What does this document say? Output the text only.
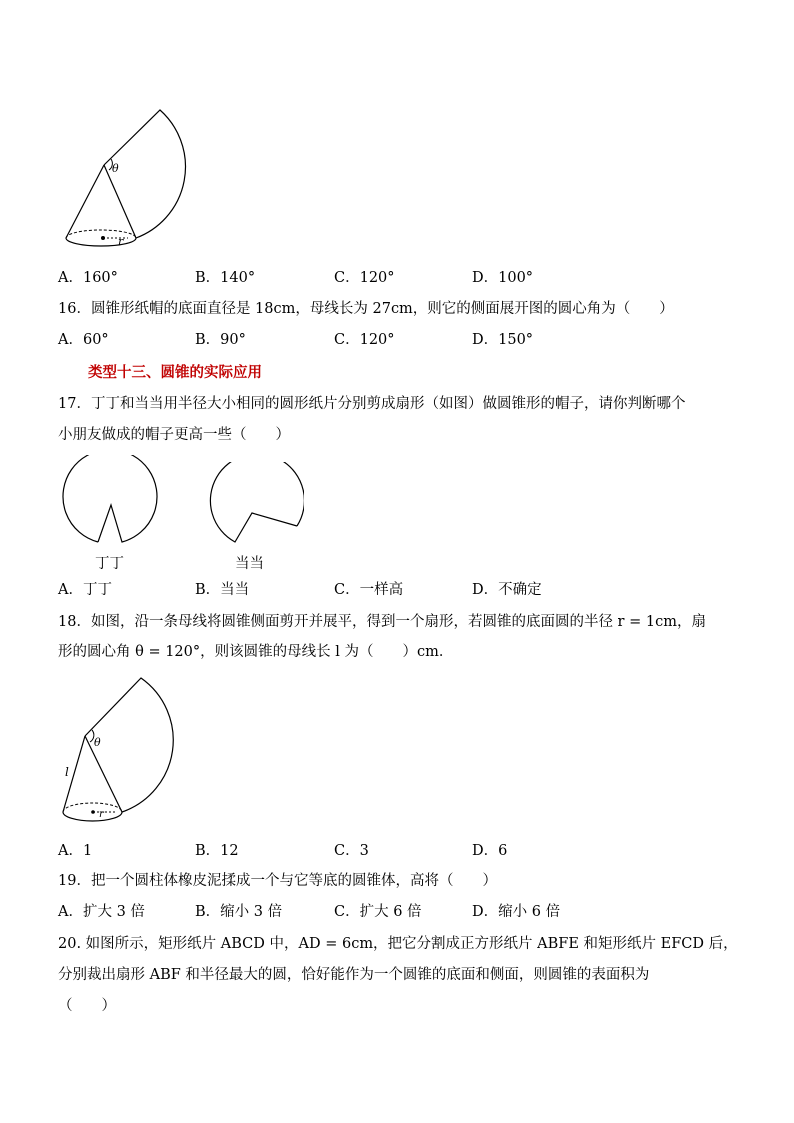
θ
r
A．160°	B．140°	C．120°	D．100°
16．圆锥形纸帽的底面直径是 18cm，母线长为 27cm，则它的侧面展开图的圆心角为（　　）
A．60°	B．90°	C．120°	D．150°
类型十三、圆锥的实际应用
17．丁丁和当当用半径大小相同的圆形纸片分别剪成扇形（如图）做圆锥形的帽子，请你判断哪个
小朋友做成的帽子更高一些（　　）
丁丁	当当
A．丁丁	B．当当	C．一样高	D．不确定
18．如图，沿一条母线将圆锥侧面剪开并展平，得到一个扇形，若圆锥的底面圆的半径 r = 1cm，扇
形的圆心角 θ = 120°，则该圆锥的母线长 l 为（　　）cm．
θ
l
r
A．1	B．12	C．3	D．6
19．把一个圆柱体橡皮泥揉成一个与它等底的圆锥体，高将（　　）
A．扩大 3 倍	B．缩小 3 倍	C．扩大 6 倍	D．缩小 6 倍
20. 如图所示，矩形纸片 ABCD 中，AD = 6cm，把它分割成正方形纸片 ABFE 和矩形纸片 EFCD 后，
分别裁出扇形 ABF 和半径最大的圆，恰好能作为一个圆锥的底面和侧面，则圆锥的表面积为
（　　）
